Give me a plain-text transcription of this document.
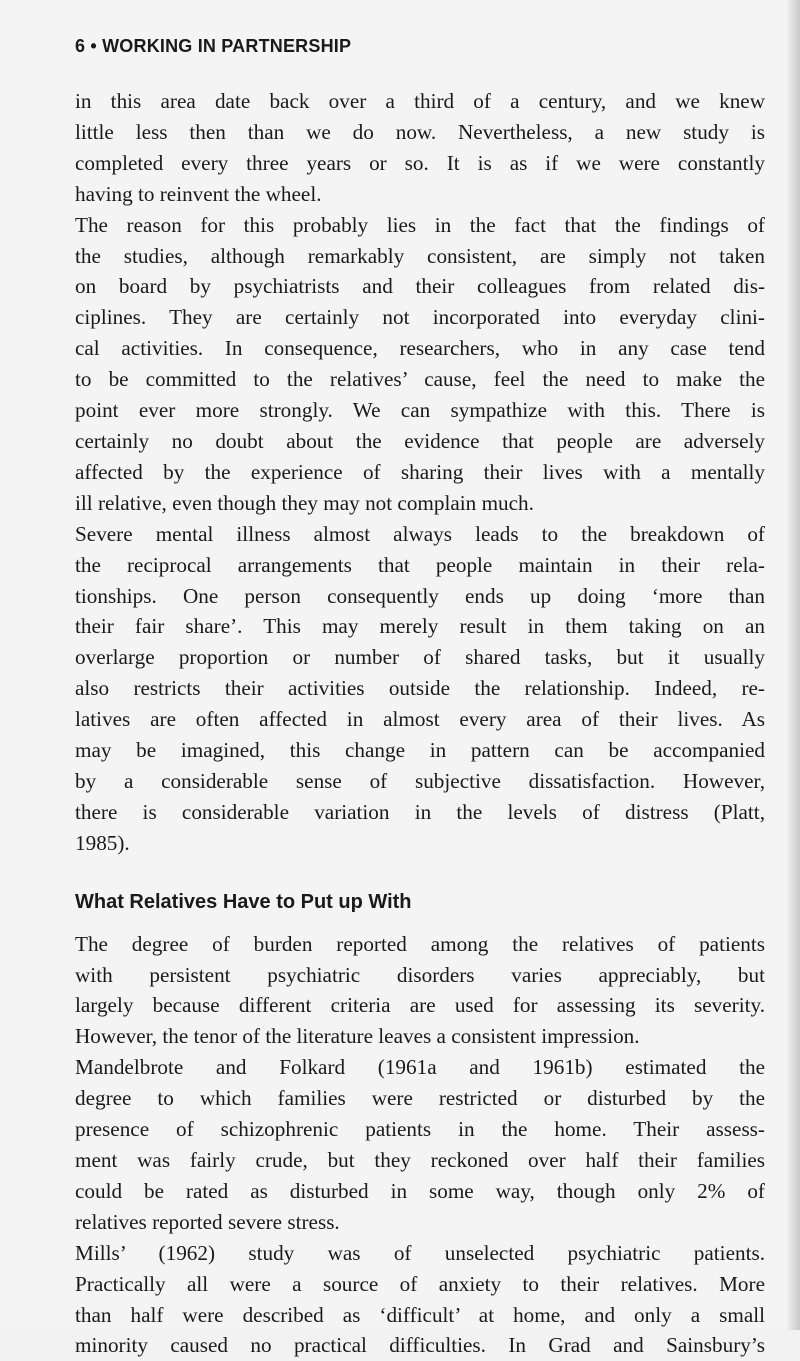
6 • WORKING IN PARTNERSHIP

in this area date back over a third of a century, and we knew
little less then than we do now. Nevertheless, a new study is
completed every three years or so. It is as if we were constantly
having to reinvent the wheel.

The reason for this probably lies in the fact that the findings of
the studies, although remarkably consistent, are simply not taken
on board by psychiatrists and their colleagues from related dis-
ciplines. They are certainly not incorporated into everyday clini-
cal activities. In consequence, researchers, who in any case tend
to be committed to the relatives’ cause, feel the need to make the
point ever more strongly. We can sympathize with this. There is
certainly no doubt about the evidence that people are adversely
affected by the experience of sharing their lives with a mentally
ill relative, even though they may not complain much.

Severe mental illness almost always leads to the breakdown of
the reciprocal arrangements that people maintain in their rela-
tionships. One person consequently ends up doing ‘more than
their fair share’. This may merely result in them taking on an
overlarge proportion or number of shared tasks, but it usually
also restricts their activities outside the relationship. Indeed, re-
latives are often affected in almost every area of their lives. As
may be imagined, this change in pattern can be accompanied
by a considerable sense of subjective dissatisfaction. However,
there is considerable variation in the levels of distress (Platt,
1985).

What Relatives Have to Put up With

The degree of burden reported among the relatives of patients
with persistent psychiatric disorders varies appreciably, but
largely because different criteria are used for assessing its severity.
However, the tenor of the literature leaves a consistent impression.

Mandelbrote and Folkard (1961a and 1961b) estimated the
degree to which families were restricted or disturbed by the
presence of schizophrenic patients in the home. Their assess-
ment was fairly crude, but they reckoned over half their families
could be rated as disturbed in some way, though only 2% of
relatives reported severe stress.

Mills’ (1962) study was of unselected psychiatric patients.
Practically all were a source of anxiety to their relatives. More
than half were described as ‘difficult’ at home, and only a small
minority caused no practical difficulties. In Grad and Sainsbury’s
